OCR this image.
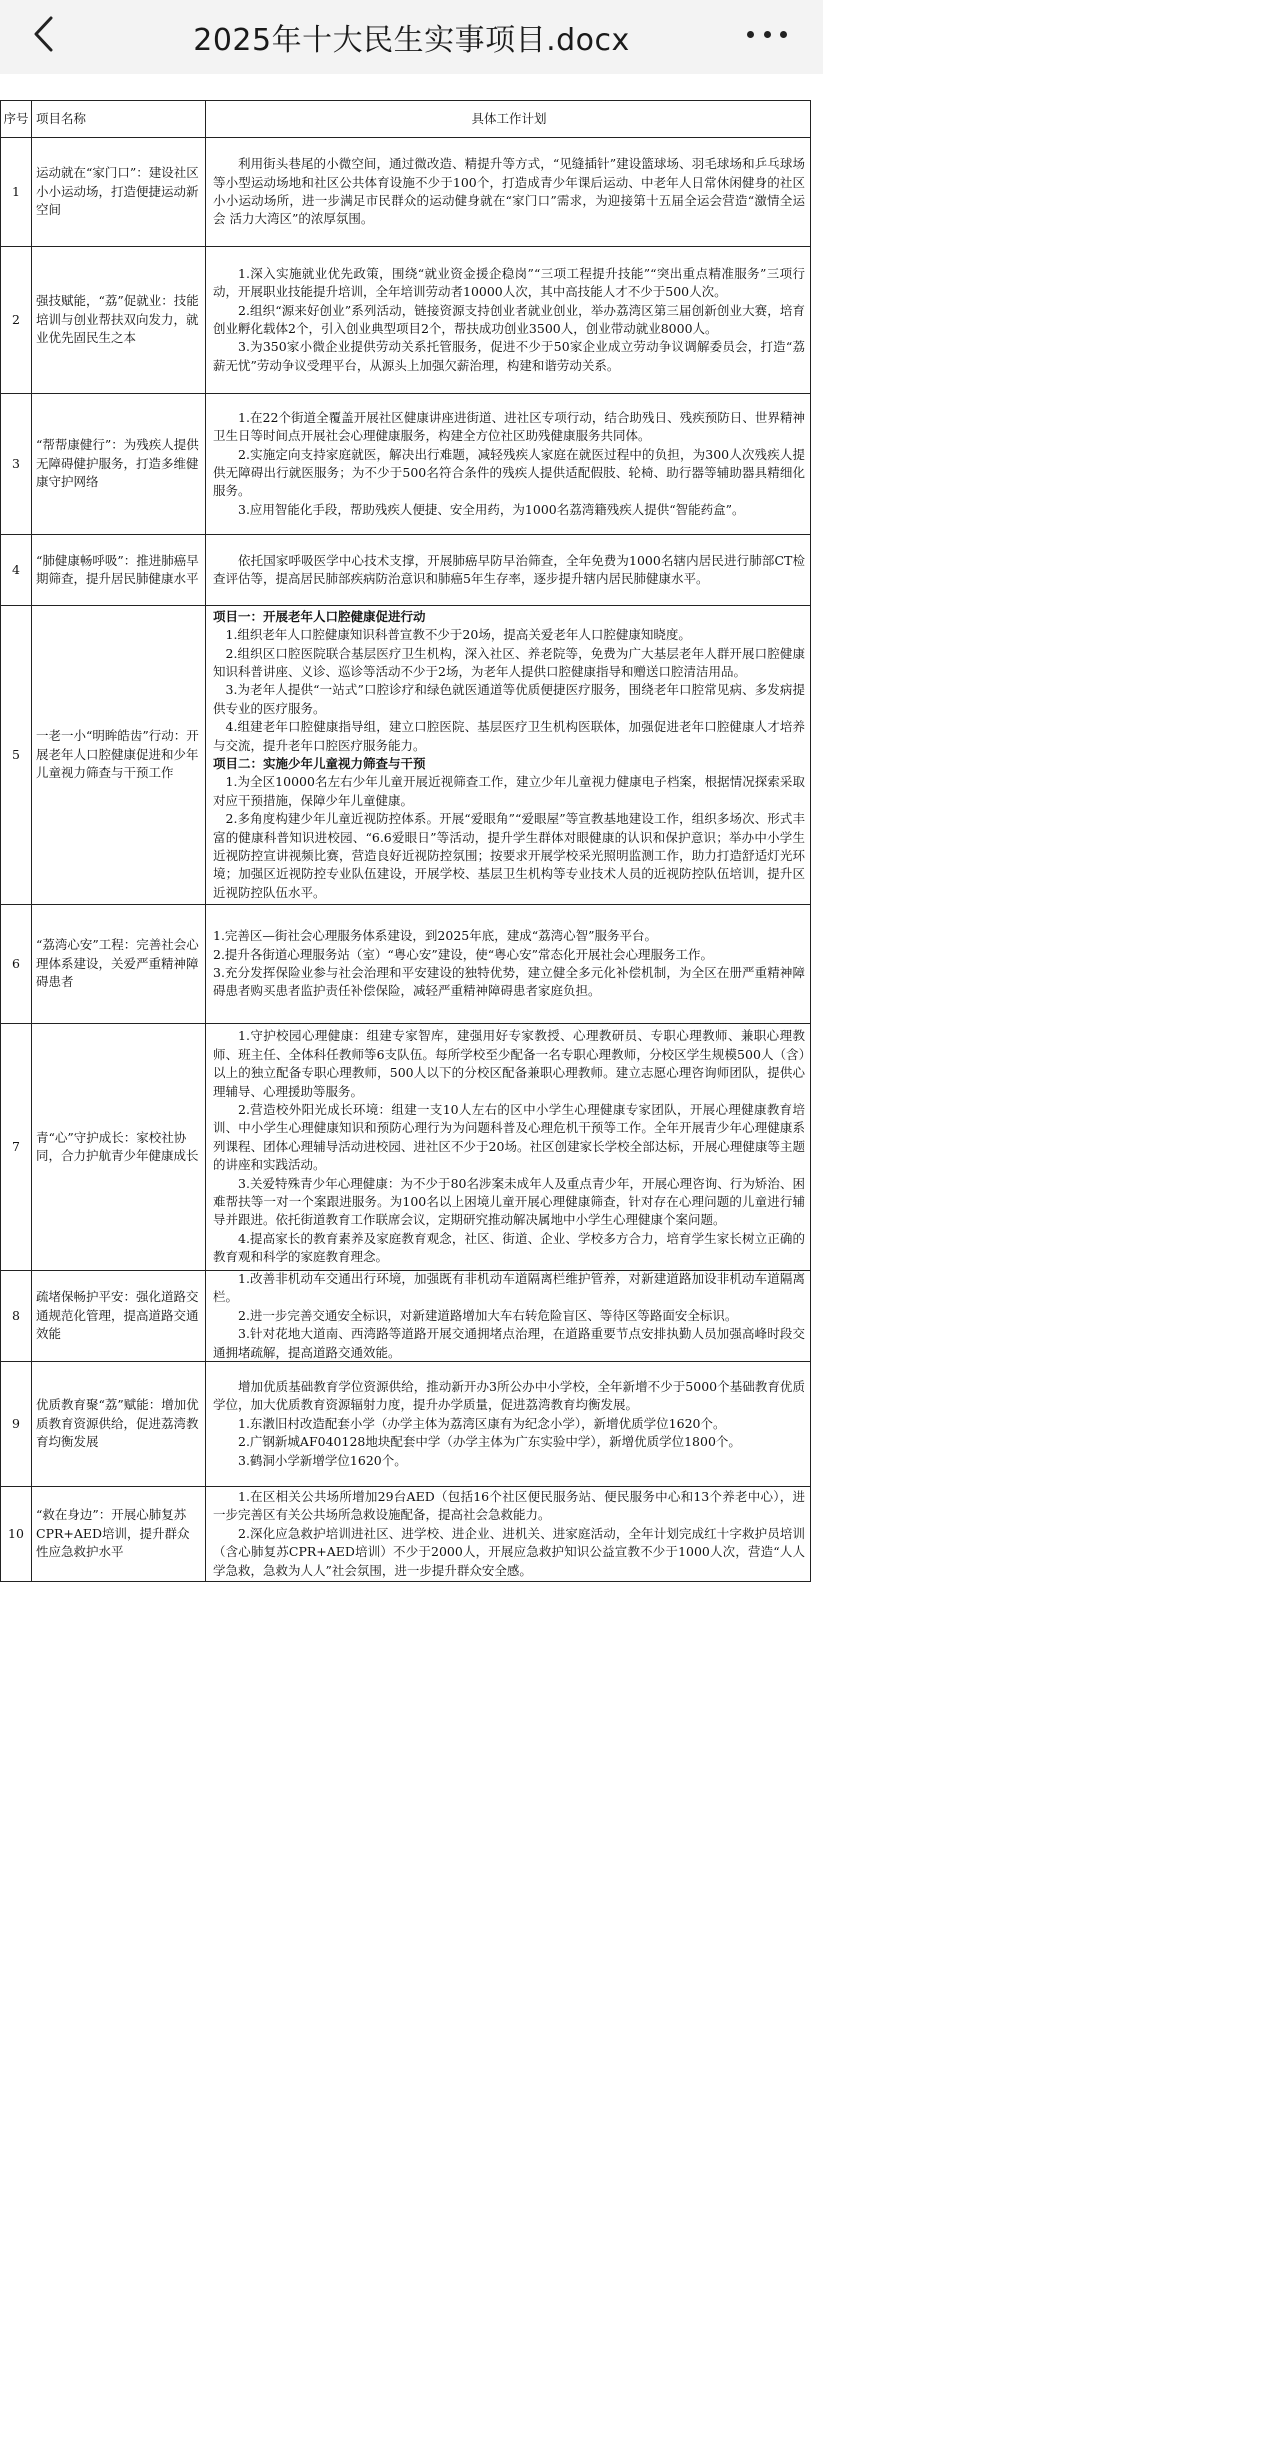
2025年十大民生实事项目.docx
序号 项目名称	具体工作计划
1
运动就在“家门口”：建设社区小小运动场，打造便捷运动新空间

利用街头巷尾的小微空间，通过微改造、精提升等方式，“见缝插针”建设篮球场、羽毛球场和乒乓球场等小型运动场地和社区公共体育设施不少于100个，打造成青少年课后运动、中老年人日常休闲健身的社区小小运动场所，进一步满足市民群众的运动健身就在“家门口”需求，为迎接第十五届全运会营造“激情全运会 活力大湾区”的浓厚氛围。

2
强技赋能，“荔”促就业：技能培训与创业帮扶双向发力，就业优先固民生之本

1.深入实施就业优先政策，围绕“就业资金援企稳岗”“三项工程提升技能”“突出重点精准服务”三项行动，开展职业技能提升培训，全年培训劳动者10000人次，其中高技能人才不少于500人次。

2.组织“源来好创业”系列活动，链接资源支持创业者就业创业，举办荔湾区第三届创新创业大赛，培育创业孵化载体2个，引入创业典型项目2个，帮扶成功创业3500人，创业带动就业8000人。

3.为350家小微企业提供劳动关系托管服务，促进不少于50家企业成立劳动争议调解委员会，打造“荔薪无忧”劳动争议受理平台，从源头上加强欠薪治理，构建和谐劳动关系。

3
“帮帮康健行”：为残疾人提供无障碍健护服务，打造多维健康守护网络

1.在22个街道全覆盖开展社区健康讲座进街道、进社区专项行动，结合助残日、残疾预防日、世界精神卫生日等时间点开展社会心理健康服务，构建全方位社区助残健康服务共同体。

2.实施定向支持家庭就医，解决出行难题，减轻残疾人家庭在就医过程中的负担，为300人次残疾人提供无障碍出行就医服务；为不少于500名符合条件的残疾人提供适配假肢、轮椅、助行器等辅助器具精细化服务。

3.应用智能化手段，帮助残疾人便捷、安全用药，为1000名荔湾籍残疾人提供“智能药盒”。

4
“肺健康畅呼吸”：推进肺癌早期筛查，提升居民肺健康水平

依托国家呼吸医学中心技术支撑，开展肺癌早防早治筛查，全年免费为1000名辖内居民进行肺部CT检查评估等，提高居民肺部疾病防治意识和肺癌5年生存率，逐步提升辖内居民肺健康水平。

5
一老一小“明眸皓齿”行动：开展老年人口腔健康促进和少年儿童视力筛查与干预工作

项目一：开展老年人口腔健康促进行动

1.组织老年人口腔健康知识科普宣教不少于20场，提高关爱老年人口腔健康知晓度。

2.组织区口腔医院联合基层医疗卫生机构，深入社区、养老院等，免费为广大基层老年人群开展口腔健康知识科普讲座、义诊、巡诊等活动不少于2场，为老年人提供口腔健康指导和赠送口腔清洁用品。

3.为老年人提供“一站式”口腔诊疗和绿色就医通道等优质便捷医疗服务，围绕老年口腔常见病、多发病提供专业的医疗服务。

4.组建老年口腔健康指导组，建立口腔医院、基层医疗卫生机构医联体，加强促进老年口腔健康人才培养与交流，提升老年口腔医疗服务能力。

项目二：实施少年儿童视力筛查与干预

1.为全区10000名左右少年儿童开展近视筛查工作，建立少年儿童视力健康电子档案，根据情况探索采取对应干预措施，保障少年儿童健康。

2.多角度构建少年儿童近视防控体系。开展“爱眼角”“爱眼屋”等宣教基地建设工作，组织多场次、形式丰富的健康科普知识进校园、“6.6爱眼日”等活动，提升学生群体对眼健康的认识和保护意识；举办中小学生近视防控宣讲视频比赛，营造良好近视防控氛围；按要求开展学校采光照明监测工作，助力打造舒适灯光环境；加强区近视防控专业队伍建设，开展学校、基层卫生机构等专业技术人员的近视防控队伍培训，提升区近视防控队伍水平。

6
“荔湾心安”工程：完善社会心理体系建设，关爱严重精神障碍患者

1.完善区—街社会心理服务体系建设，到2025年底，建成“荔湾心智”服务平台。

2.提升各街道心理服务站（室）“粤心安”建设，使“粤心安”常态化开展社会心理服务工作。

3.充分发挥保险业参与社会治理和平安建设的独特优势，建立健全多元化补偿机制，为全区在册严重精神障碍患者购买患者监护责任补偿保险，减轻严重精神障碍患者家庭负担。

7
青“心”守护成长：家校社协同，合力护航青少年健康成长

1.守护校园心理健康：组建专家智库，建强用好专家教授、心理教研员、专职心理教师、兼职心理教师、班主任、全体科任教师等6支队伍。每所学校至少配备一名专职心理教师，分校区学生规模500人（含）以上的独立配备专职心理教师，500人以下的分校区配备兼职心理教师。建立志愿心理咨询师团队，提供心理辅导、心理援助等服务。

2.营造校外阳光成长环境：组建一支10人左右的区中小学生心理健康专家团队，开展心理健康教育培训、中小学生心理健康知识和预防心理行为为问题科普及心理危机干预等工作。全年开展青少年心理健康系列课程、团体心理辅导活动进校园、进社区不少于20场。社区创建家长学校全部达标，开展心理健康等主题的讲座和实践活动。

3.关爱特殊青少年心理健康：为不少于80名涉案未成年人及重点青少年，开展心理咨询、行为矫治、困难帮扶等一对一个案跟进服务。为100名以上困境儿童开展心理健康筛查，针对存在心理问题的儿童进行辅导并跟进。依托街道教育工作联席会议，定期研究推动解决属地中小学生心理健康个案问题。

4.提高家长的教育素养及家庭教育观念，社区、街道、企业、学校多方合力，培育学生家长树立正确的教育观和科学的家庭教育理念。

8
疏堵保畅护平安：强化道路交通规范化管理，提高道路交通效能

1.改善非机动车交通出行环境，加强既有非机动车道隔离栏维护管养，对新建道路加设非机动车道隔离栏。

2.进一步完善交通安全标识，对新建道路增加大车右转危险盲区、等待区等路面安全标识。

3.针对花地大道南、西湾路等道路开展交通拥堵点治理，在道路重要节点安排执勤人员加强高峰时段交通拥堵疏解，提高道路交通效能。

9
优质教育聚“荔”赋能：增加优质教育资源供给，促进荔湾教育均衡发展

增加优质基础教育学位资源供给，推动新开办3所公办中小学校，全年新增不少于5000个基础教育优质学位，加大优质教育资源辐射力度，提升办学质量，促进荔湾教育均衡发展。

1.东漖旧村改造配套小学（办学主体为荔湾区康有为纪念小学），新增优质学位1620个。

2.广钢新城AF040128地块配套中学（办学主体为广东实验中学），新增优质学位1800个。

3.鹤洞小学新增学位1620个。

10
“救在身边”：开展心肺复苏CPR+AED培训，提升群众性应急救护水平

1.在区相关公共场所增加29台AED（包括16个社区便民服务站、便民服务中心和13个养老中心），进一步完善区有关公共场所急救设施配备，提高社会急救能力。

2.深化应急救护培训进社区、进学校、进企业、进机关、进家庭活动，全年计划完成红十字救护员培训（含心肺复苏CPR+AED培训）不少于2000人，开展应急救护知识公益宣教不少于1000人次，营造“人人学急救，急救为人人”社会氛围，进一步提升群众安全感。
